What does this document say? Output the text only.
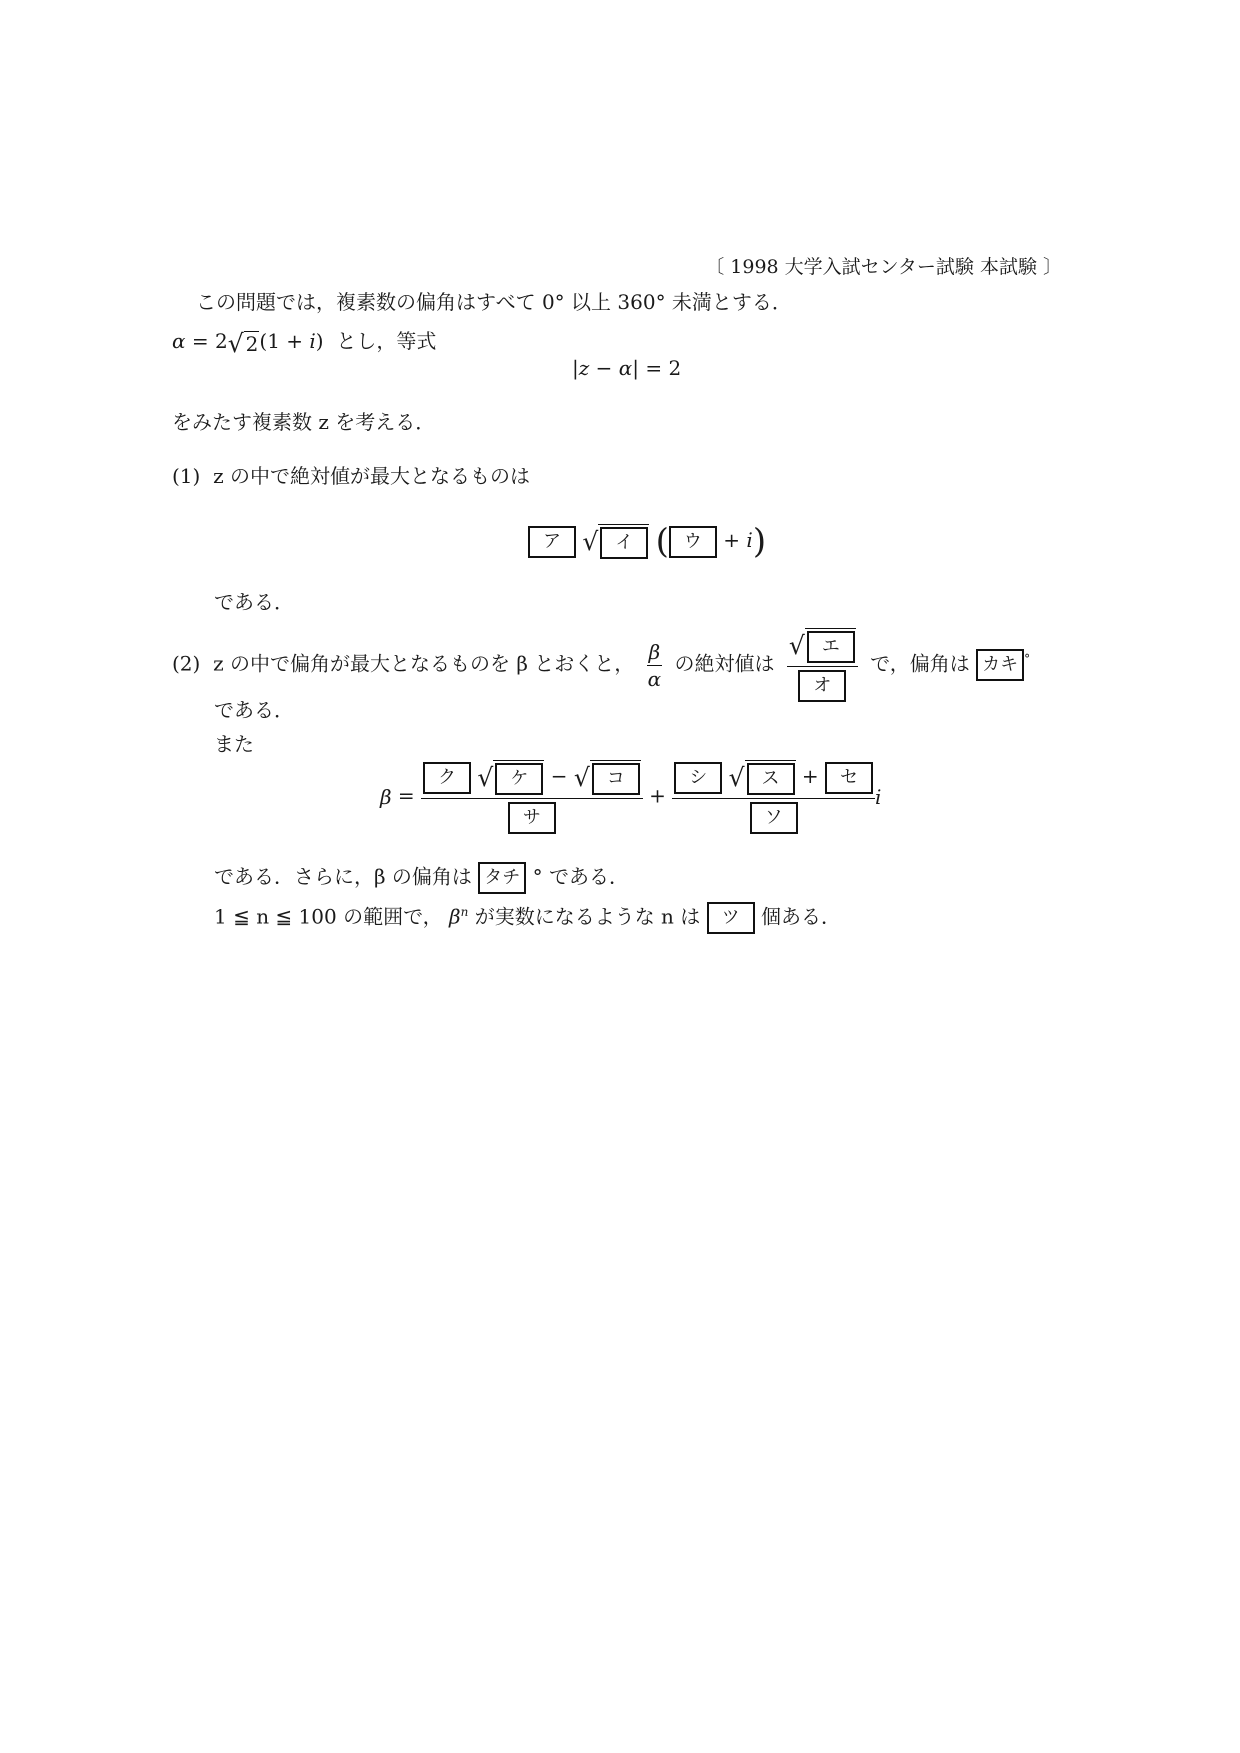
〔 1998 大学入試センター試験 本試験 〕
この問題では，複素数の偏角はすべて 0° 以上 360° 未満とする．
α = 2√ 2(1 + i)  とし，等式
|z − α| = 2
をみたす複素数 z を考える．
(1) z の中で絶対値が最大となるものは
ア √ イ ( ウ + i)
である．
(2) z の中で偏角が最大となるものを β とおくと， $\frac{\beta}{\alpha}$ の絶対値は $\frac{\text{√ エ}}{\text{オ}}$ で，偏角は カキ °
である．
また
$\beta = \frac{\text{ク √ ケ − √ コ}}{\text{サ}} + \frac{\text{シ √ ス + セ}}{\text{ソ}}$ i
である．さらに，β の偏角は タチ ° である．
1 ≦ n ≦ 100 の範囲で， $\beta^n$ が実数になるような n は ツ 個ある．
